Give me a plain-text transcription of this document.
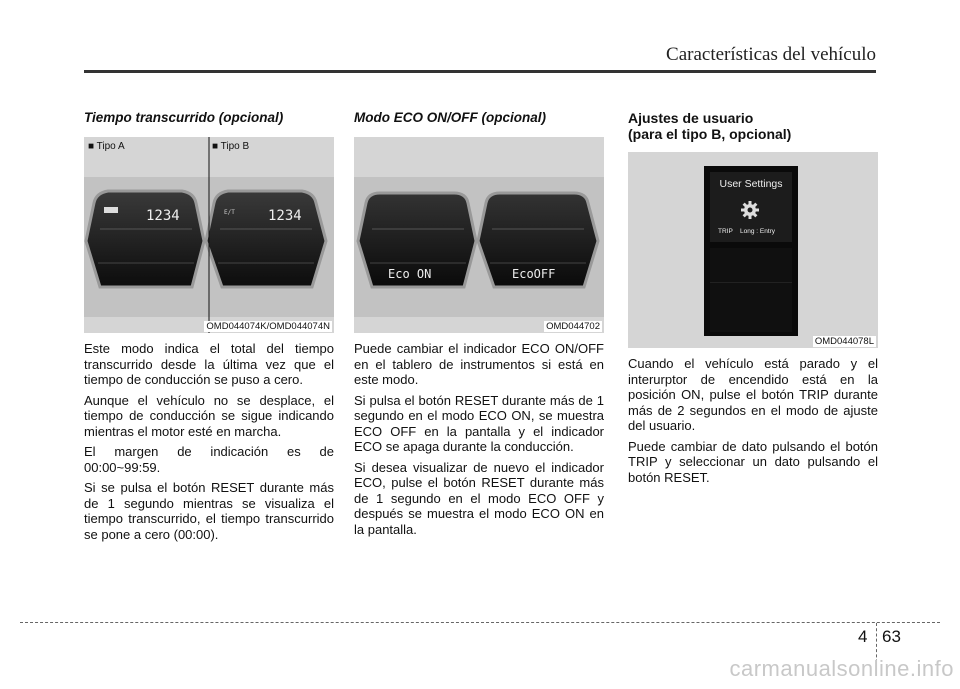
Características del vehículo
Tiempo transcurrido (opcional)
1234	E/T 1234
■ Tipo A	■ Tipo B
OMD044074K/OMD044074N

Este modo indica el total del tiempo transcurrido desde la última vez que el tiempo de conducción se puso a cero.

Aunque el vehículo no se desplace, el tiempo de conducción se sigue indicando mientras el motor esté en marcha.

El margen de indicación es de 00:00~99:59.

Si se pulsa el botón RESET durante más de 1 segundo mientras se visualiza el tiempo transcurrido, el tiempo transcurrido se pone a cero (00:00).

Modo ECO ON/OFF (opcional)
Eco ON	EcoOFF
OMD044702

Puede cambiar el indicador ECO ON/OFF en el tablero de instrumentos si está en este modo.

Si pulsa el botón RESET durante más de 1 segundo en el modo ECO ON, se muestra ECO OFF en la pantalla y el indicador ECO se apaga durante la conducción.

Si desea visualizar de nuevo el indicador ECO, pulse el botón RESET durante más de 1 segundo en el modo ECO OFF y después se muestra el modo ECO ON en la pantalla.

Ajustes de usuario
(para el tipo B, opcional)
User Settings
TRIP Long : Entry
OMD044078L

Cuando el vehículo está parado y el interurptor de encendido está en la posición ON, pulse el botón TRIP durante más de 2 segundos en el modo de ajuste del usuario.

Puede cambiar de dato pulsando el botón TRIP y seleccionar un dato pulsando el botón RESET.

4 63
carmanualsonline.info
